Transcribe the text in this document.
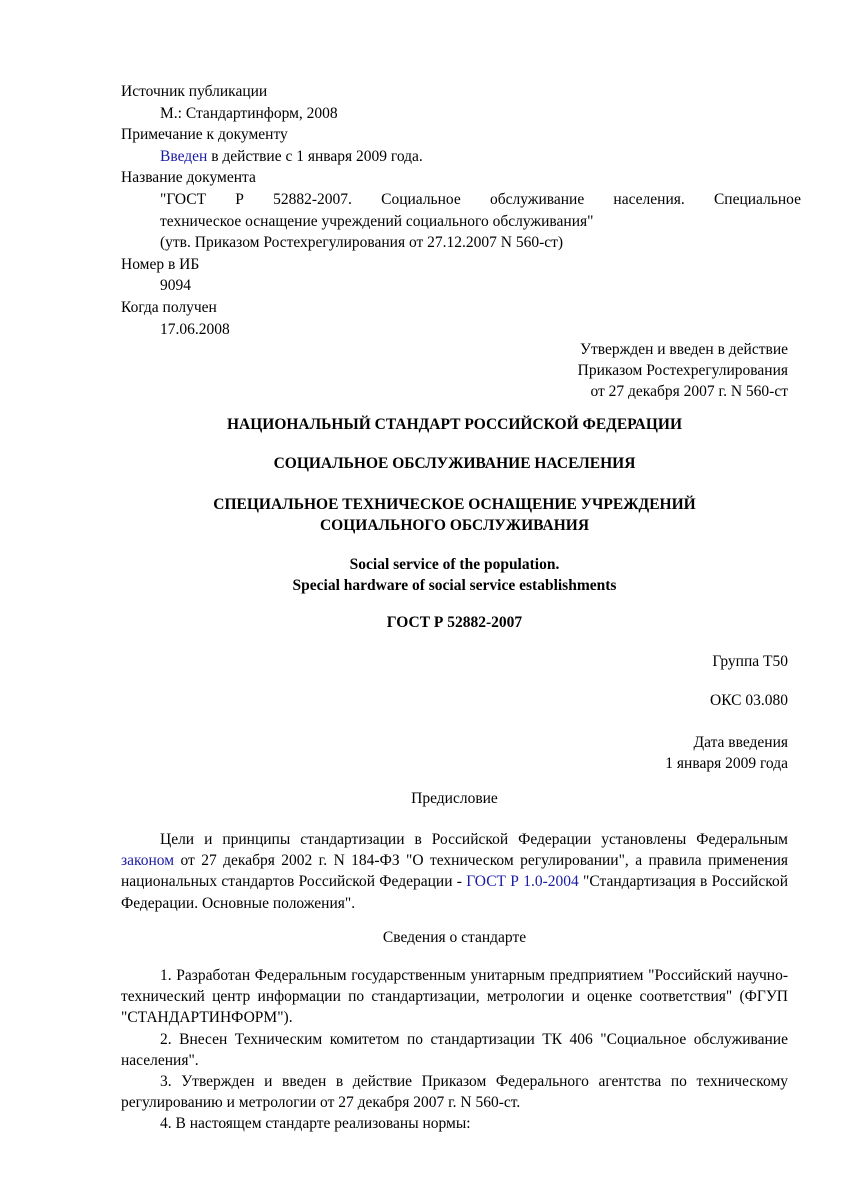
Источник публикации

М.: Стандартинформ, 2008

Примечание к документу

Введен в действие с 1 января 2009 года.

Название документа

"ГОСТ Р 52882-2007. Социальное обслуживание населения. Специальное

техническое оснащение учреждений социального обслуживания"

(утв. Приказом Ростехрегулирования от 27.12.2007 N 560-ст)

Номер в ИБ

9094

Когда получен

17.06.2008

Утвержден и введен в действие
Приказом Ростехрегулирования
от 27 декабря 2007 г. N 560-ст
НАЦИОНАЛЬНЫЙ СТАНДАРТ РОССИЙСКОЙ ФЕДЕРАЦИИ
СОЦИАЛЬНОЕ ОБСЛУЖИВАНИЕ НАСЕЛЕНИЯ
СПЕЦИАЛЬНОЕ ТЕХНИЧЕСКОЕ ОСНАЩЕНИЕ УЧРЕЖДЕНИЙ
СОЦИАЛЬНОГО ОБСЛУЖИВАНИЯ
Social service of the population.
Special hardware of social service establishments
ГОСТ Р 52882-2007
Группа Т50
ОКС 03.080
Дата введения
1 января 2009 года
Предисловие

Цели и принципы стандартизации в Российской Федерации установлены Федеральным законом от 27 декабря 2002 г. N 184-ФЗ "О техническом регулировании", а правила применения национальных стандартов Российской Федерации - ГОСТ Р 1.0-2004 "Стандартизация в Российской Федерации. Основные положения".

Сведения о стандарте

1. Разработан Федеральным государственным унитарным предприятием "Российский научно-технический центр информации по стандартизации, метрологии и оценке соответствия" (ФГУП "СТАНДАРТИНФОРМ").

2. Внесен Техническим комитетом по стандартизации ТК 406 "Социальное обслуживание населения".

3. Утвержден и введен в действие Приказом Федерального агентства по техническому регулированию и метрологии от 27 декабря 2007 г. N 560-ст.

4. В настоящем стандарте реализованы нормы:
